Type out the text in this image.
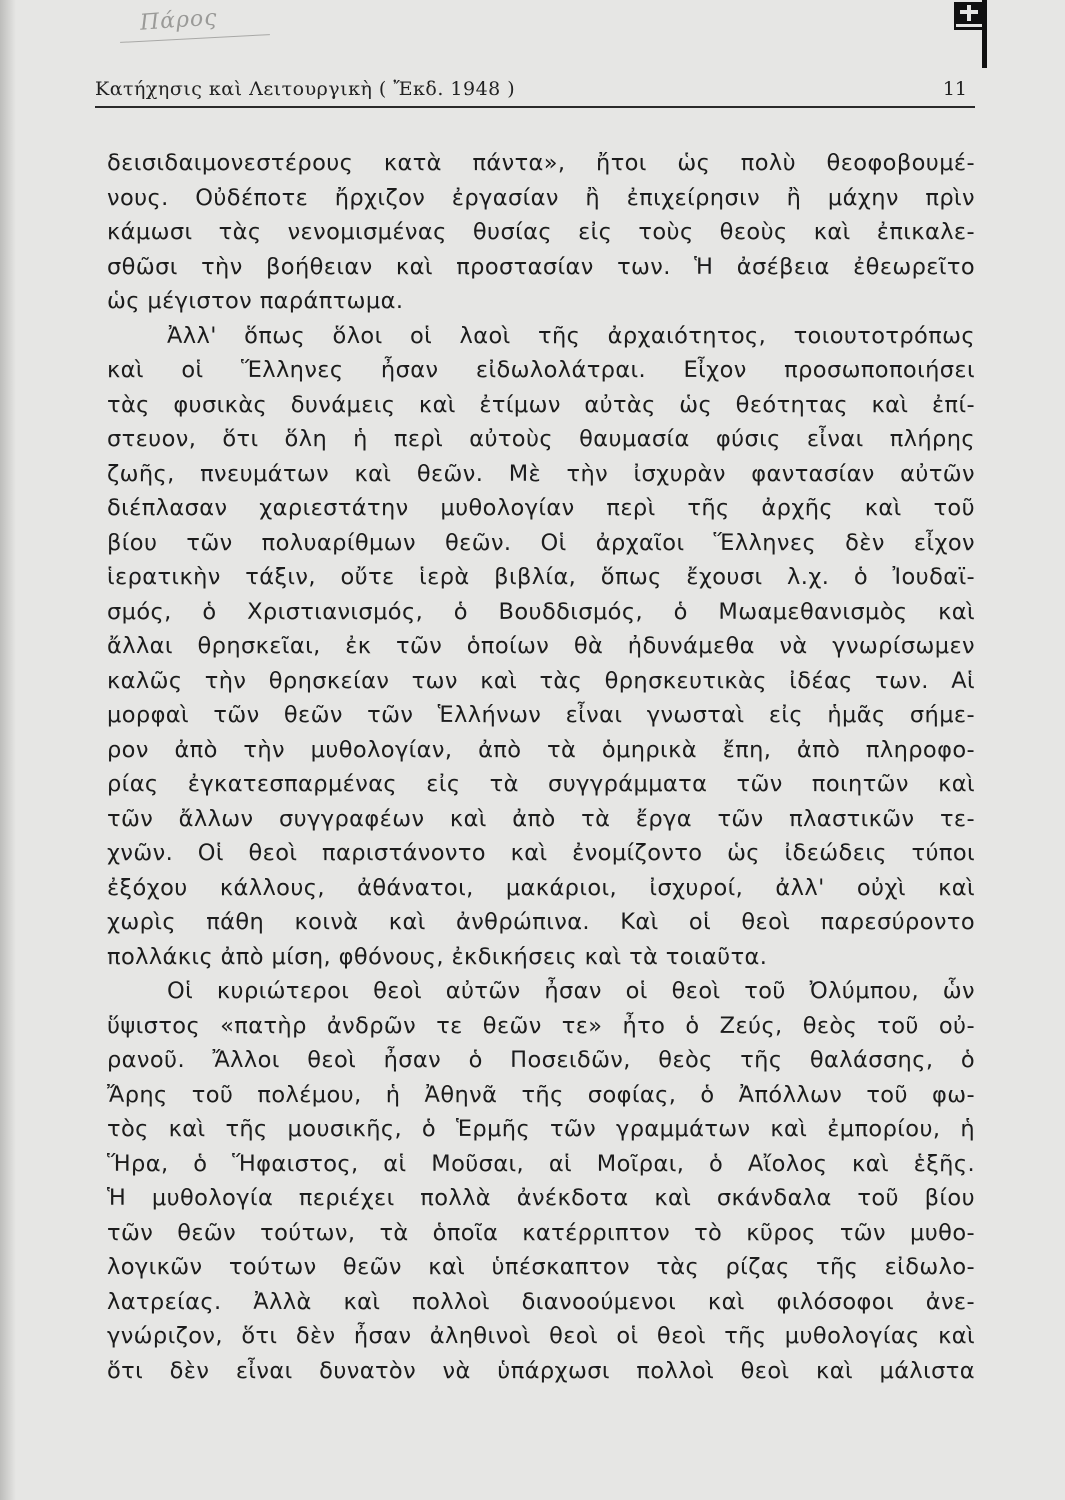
Πάρος
Κατήχησις καὶ Λειτουργικὴ ( Ἔκδ. 1948 )	11
δεισιδαιμονεστέρους κατὰ πάντα», ἤτοι ὡς πολὺ θεοφοβουμέ-
νους. Οὐδέποτε ἤρχιζον ἐργασίαν ἢ ἐπιχείρησιν ἢ μάχην πρὶν
κάμωσι τὰς νενομισμένας θυσίας εἰς τοὺς θεοὺς καὶ ἐπικαλε-
σθῶσι τὴν βοήθειαν καὶ προστασίαν των. Ἡ ἀσέβεια ἐθεωρεῖτο
ὡς μέγιστον παράπτωμα.
Ἀλλ' ὅπως ὅλοι οἱ λαοὶ τῆς ἀρχαιότητος, τοιουτοτρόπως
καὶ οἱ Ἕλληνες ἦσαν εἰδωλολάτραι. Εἶχον προσωποποιήσει
τὰς φυσικὰς δυνάμεις καὶ ἐτίμων αὐτὰς ὡς θεότητας καὶ ἐπί-
στευον, ὅτι ὅλη ἡ περὶ αὐτοὺς θαυμασία φύσις εἶναι πλήρης
ζωῆς, πνευμάτων καὶ θεῶν. Μὲ τὴν ἰσχυρὰν φαντασίαν αὐτῶν
διέπλασαν χαριεστάτην μυθολογίαν περὶ τῆς ἀρχῆς καὶ τοῦ
βίου τῶν πολυαρίθμων θεῶν. Οἱ ἀρχαῖοι Ἕλληνες δὲν εἶχον
ἱερατικὴν τάξιν, οὔτε ἱερὰ βιβλία, ὅπως ἔχουσι λ.χ. ὁ Ἰουδαϊ-
σμός, ὁ Χριστιανισμός, ὁ Βουδδισμός, ὁ Μωαμεθανισμὸς καὶ
ἄλλαι θρησκεῖαι, ἐκ τῶν ὁποίων θὰ ἠδυνάμεθα νὰ γνωρίσωμεν
καλῶς τὴν θρησκείαν των καὶ τὰς θρησκευτικὰς ἰδέας των. Αἱ
μορφαὶ τῶν θεῶν τῶν Ἑλλήνων εἶναι γνωσταὶ εἰς ἡμᾶς σήμε-
ρον ἀπὸ τὴν μυθολογίαν, ἀπὸ τὰ ὁμηρικὰ ἔπη, ἀπὸ πληροφο-
ρίας ἐγκατεσπαρμένας εἰς τὰ συγγράμματα τῶν ποιητῶν καὶ
τῶν ἄλλων συγγραφέων καὶ ἀπὸ τὰ ἔργα τῶν πλαστικῶν τε-
χνῶν. Οἱ θεοὶ παριστάνοντο καὶ ἐνομίζοντο ὡς ἰδεώδεις τύποι
ἐξόχου κάλλους, ἀθάνατοι, μακάριοι, ἰσχυροί, ἀλλ' οὐχὶ καὶ
χωρὶς πάθη κοινὰ καὶ ἀνθρώπινα. Καὶ οἱ θεοὶ παρεσύροντο
πολλάκις ἀπὸ μίση, φθόνους, ἐκδικήσεις καὶ τὰ τοιαῦτα.
Οἱ κυριώτεροι θεοὶ αὐτῶν ἦσαν οἱ θεοὶ τοῦ Ὀλύμπου, ὧν
ὕψιστος «πατὴρ ἀνδρῶν τε θεῶν τε» ἦτο ὁ Ζεύς, θεὸς τοῦ οὐ-
ρανοῦ. Ἄλλοι θεοὶ ἦσαν ὁ Ποσειδῶν, θεὸς τῆς θαλάσσης, ὁ
Ἄρης τοῦ πολέμου, ἡ Ἀθηνᾶ τῆς σοφίας, ὁ Ἀπόλλων τοῦ φω-
τὸς καὶ τῆς μουσικῆς, ὁ Ἑρμῆς τῶν γραμμάτων καὶ ἐμπορίου, ἡ
Ἥρα, ὁ Ἥφαιστος, αἱ Μοῦσαι, αἱ Μοῖραι, ὁ Αἴολος καὶ ἑξῆς.
Ἡ μυθολογία περιέχει πολλὰ ἀνέκδοτα καὶ σκάνδαλα τοῦ βίου
τῶν θεῶν τούτων, τὰ ὁποῖα κατέρριπτον τὸ κῦρος τῶν μυθο-
λογικῶν τούτων θεῶν καὶ ὑπέσκαπτον τὰς ρίζας τῆς εἰδωλο-
λατρείας. Ἀλλὰ καὶ πολλοὶ διανοούμενοι καὶ φιλόσοφοι ἀνε-
γνώριζον, ὅτι δὲν ἦσαν ἀληθινοὶ θεοὶ οἱ θεοὶ τῆς μυθολογίας καὶ
ὅτι δὲν εἶναι δυνατὸν νὰ ὑπάρχωσι πολλοὶ θεοὶ καὶ μάλιστα
